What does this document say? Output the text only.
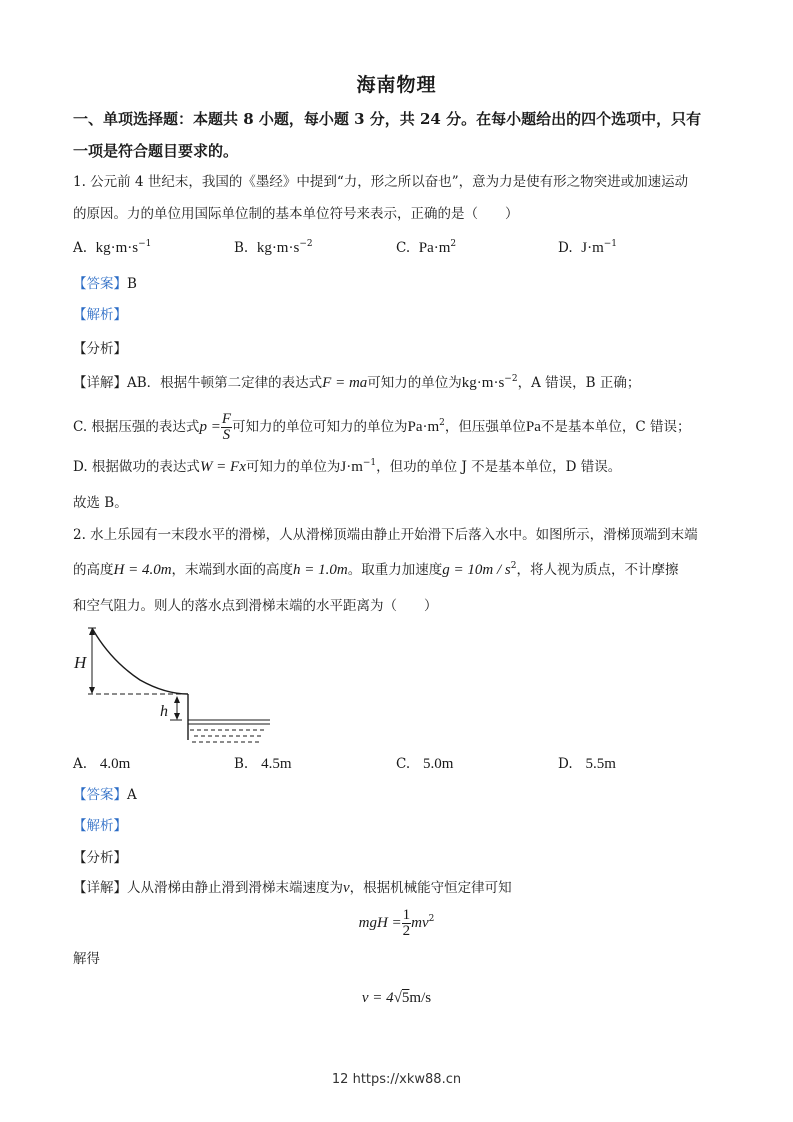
海南物理
一、单项选择题：本题共 8 小题，每小题 3 分，共 24 分。在每小题给出的四个选项中，只有
一项是符合题目要求的。
1. 公元前 4 世纪末，我国的《墨经》中提到“力，形之所以奋也”，意为力是使有形之物突进或加速运动
的原因。力的单位用国际单位制的基本单位符号来表示，正确的是（　　）
A. $kg\cdot m\cdot s^{-1}$	B. $kg\cdot m\cdot s^{-2}$	C. $Pa\cdot m^2$	D. $J\cdot m^{-1}$
【答案】B
【解析】
【分析】
【详解】AB．根据牛顿第二定律的表达式F = ma可知力的单位为$kg\cdot m\cdot s^{-2}$，A 错误，B 正确；
C. 根据压强的表达式$p = \frac{F}{S}$ 可知力的单位可知力的单位为$Pa\cdot m^2$，但压强单位Pa不是基本单位，C 错误；
D. 根据做功的表达式W = Fx可知力的单位为$J\cdot m^{-1}$，但功的单位 J 不是基本单位，D 错误。
故选 B。
2. 水上乐园有一末段水平的滑梯，人从滑梯顶端由静止开始滑下后落入水中。如图所示，滑梯顶端到末端
的高度H = 4.0m，末端到水面的高度h = 1.0m。取重力加速度$g = 10m / s^2$，将人视为质点，不计摩擦
和空气阻力。则人的落水点到滑梯末端的水平距离为（　　）
H
h
A. 4.0m	B. 4.5m	C. 5.0m	D. 5.5m
【答案】A
【解析】
【分析】
【详解】人从滑梯由静止滑到滑梯末端速度为v，根据机械能守恒定律可知
mgH = $\frac{1}{2} mv^2$
解得
v = 4√5m/s
12 https://xkw88.cn
